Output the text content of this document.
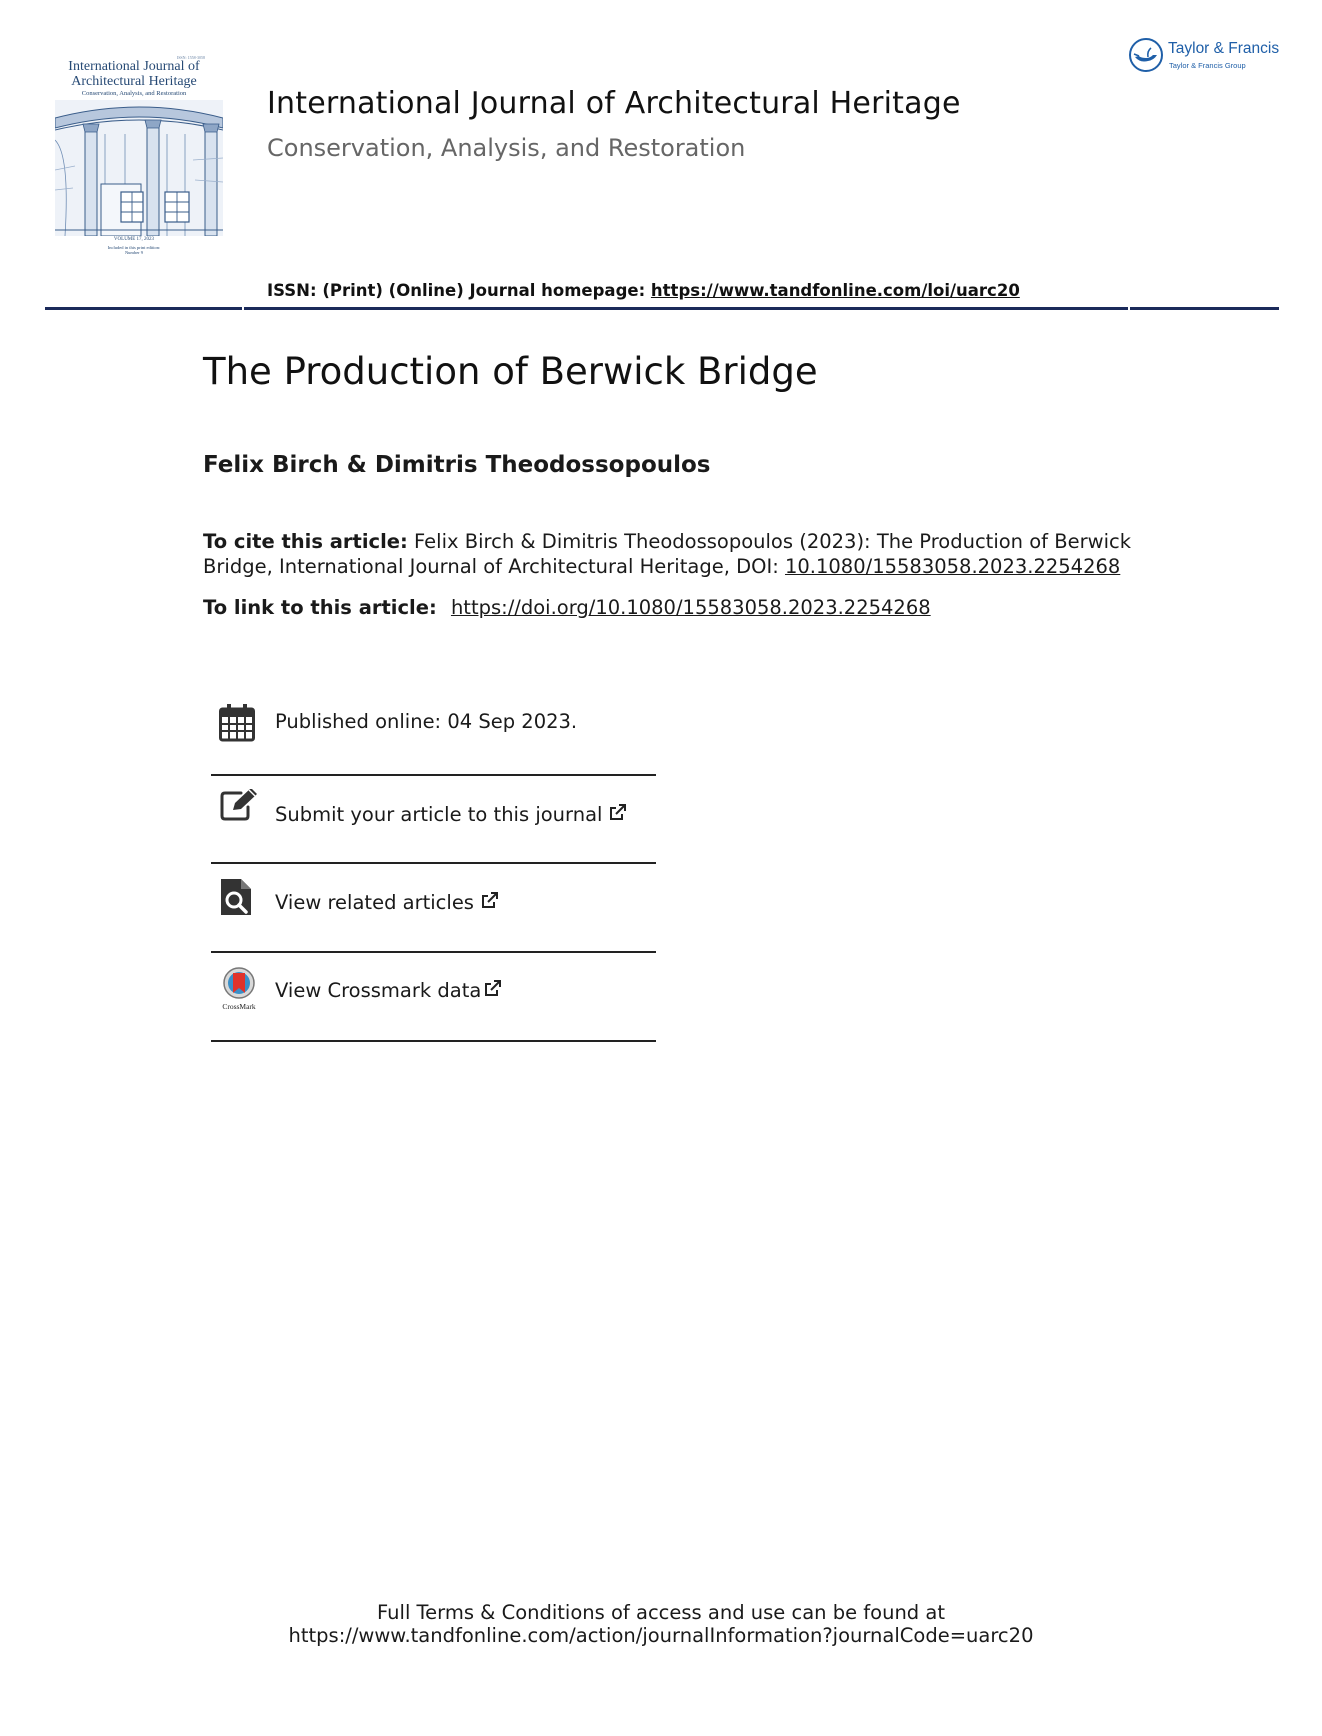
ISSN: 1558-3058
International Journal of
Architectural Heritage
Conservation, Analysis, and Restoration
VOLUME 17, 2023
Included in this print edition:
Number 9
Taylor & Francis
Taylor & Francis Group
International Journal of Architectural Heritage
Conservation, Analysis, and Restoration
ISSN: (Print) (Online) Journal homepage: https://www.tandfonline.com/loi/uarc20
The Production of Berwick Bridge
Felix Birch & Dimitris Theodossopoulos
To cite this article: Felix Birch & Dimitris Theodossopoulos (2023): The Production of Berwick Bridge, International Journal of Architectural Heritage, DOI: 10.1080/15583058.2023.2254268
To link to this article: https://doi.org/10.1080/15583058.2023.2254268
Published online: 04 Sep 2023.
Submit your article to this journal
View related articles
CrossMark
View Crossmark data
Full Terms & Conditions of access and use can be found at
https://www.tandfonline.com/action/journalInformation?journalCode=uarc20
